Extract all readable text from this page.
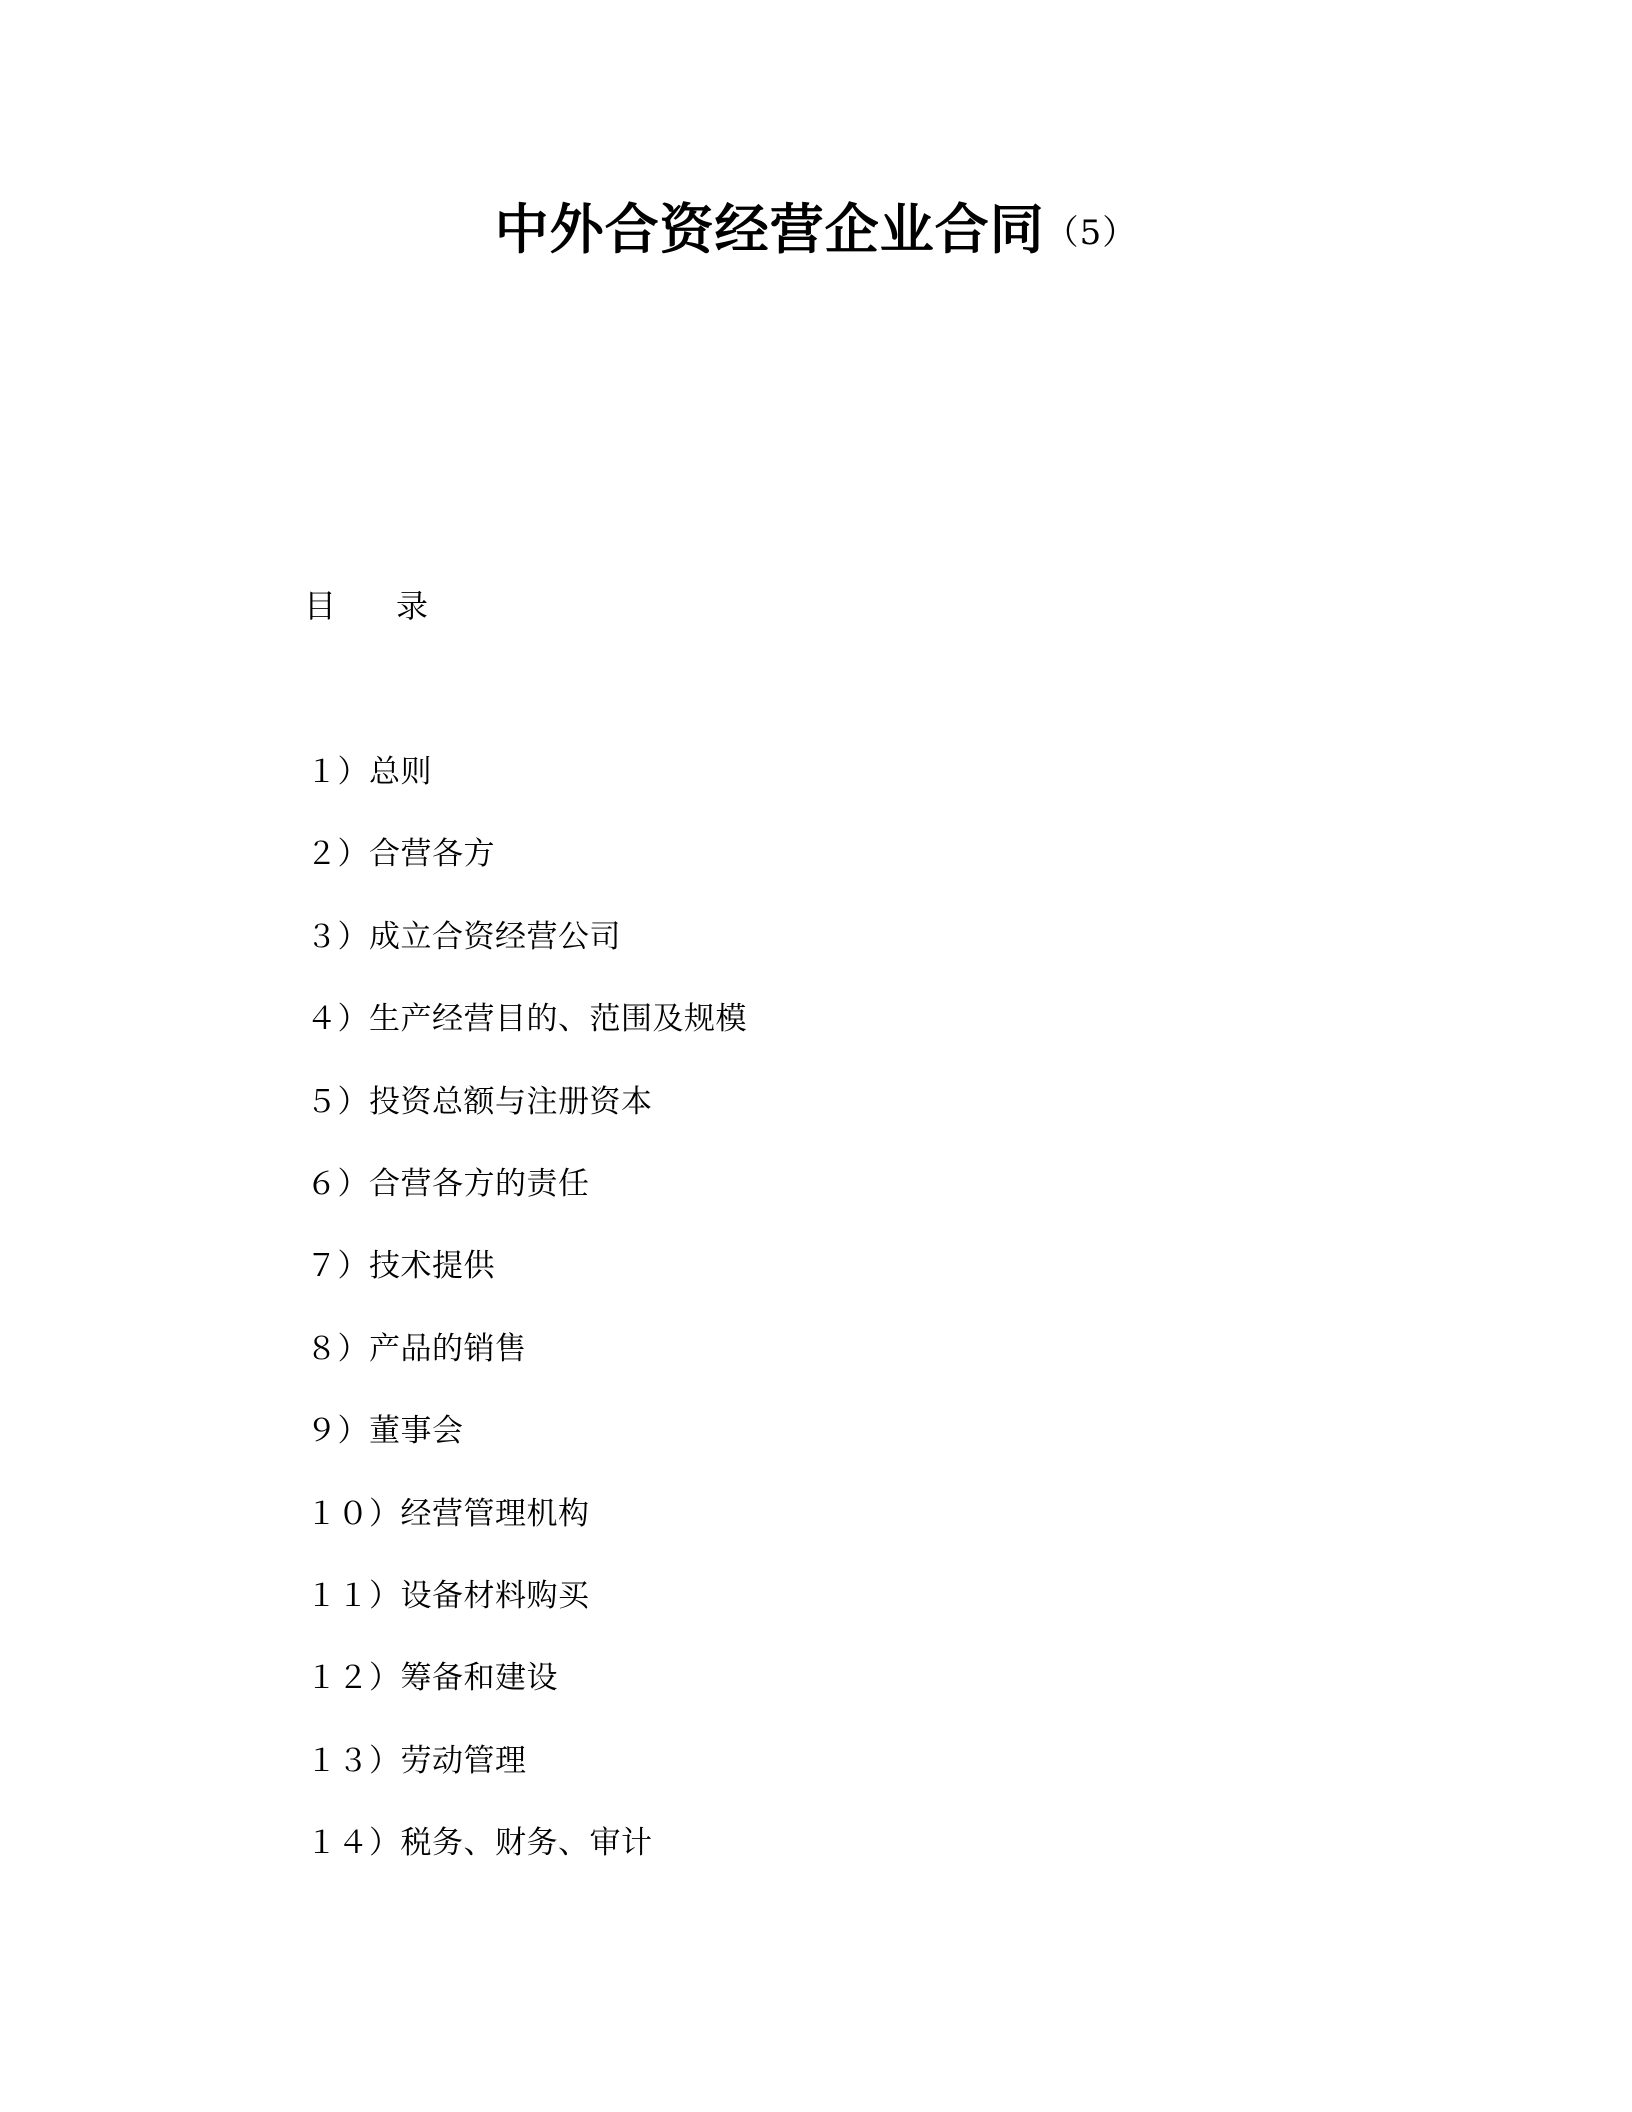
中外合资经营企业合同（5）
目 录
１）总则
２）合营各方
３）成立合资经营公司
４）生产经营目的、范围及规模
５）投资总额与注册资本
６）合营各方的责任
７）技术提供
８）产品的销售
９）董事会
１０）经营管理机构
１１）设备材料购买
１２）筹备和建设
１３）劳动管理
１４）税务、财务、审计
